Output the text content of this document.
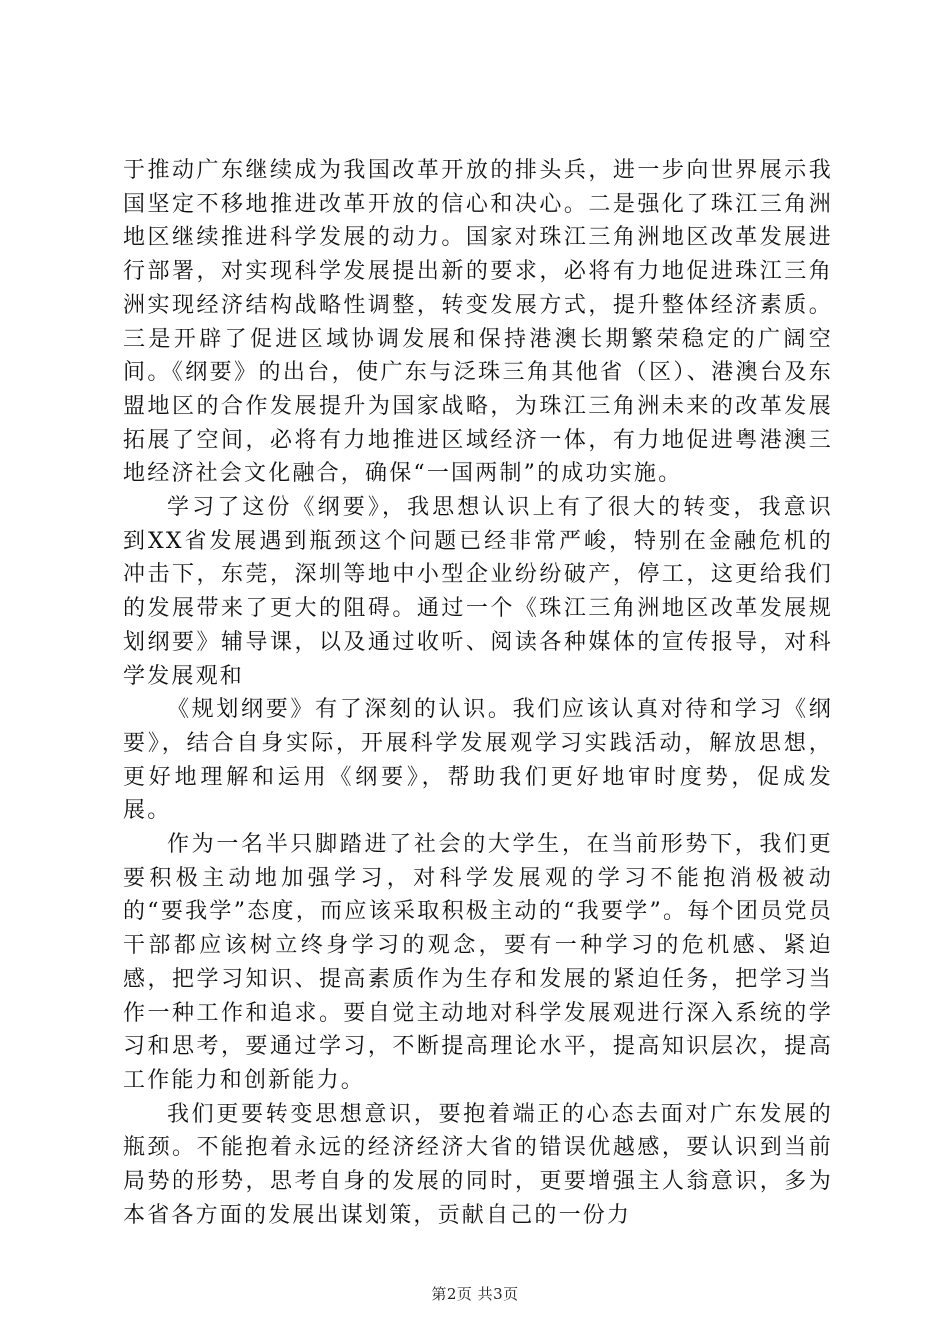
于推动广东继续成为我国改革开放的排头兵，进一步向世界展示我国坚定不移地推进改革开放的信心和决心。二是强化了珠江三角洲地区继续推进科学发展的动力。国家对珠江三角洲地区改革发展进行部署，对实现科学发展提出新的要求，必将有力地促进珠江三角洲实现经济结构战略性调整，转变发展方式，提升整体经济素质。三是开辟了促进区域协调发展和保持港澳长期繁荣稳定的广阔空间。《纲要》的出台，使广东与泛珠三角其他省（区）、港澳台及东盟地区的合作发展提升为国家战略，为珠江三角洲未来的改革发展拓展了空间，必将有力地推进区域经济一体，有力地促进粤港澳三地经济社会文化融合，确保“一国两制”的成功实施。

学习了这份《纲要》，我思想认识上有了很大的转变，我意识到XX省发展遇到瓶颈这个问题已经非常严峻，特别在金融危机的冲击下，东莞，深圳等地中小型企业纷纷破产，停工，这更给我们的发展带来了更大的阻碍。通过一个《珠江三角洲地区改革发展规划纲要》辅导课，以及通过收听、阅读各种媒体的宣传报导，对科学发展观和

《规划纲要》有了深刻的认识。我们应该认真对待和学习《纲要》，结合自身实际，开展科学发展观学习实践活动，解放思想，更好地理解和运用《纲要》，帮助我们更好地审时度势，促成发展。

作为一名半只脚踏进了社会的大学生，在当前形势下，我们更要积极主动地加强学习，对科学发展观的学习不能抱消极被动的“要我学”态度，而应该采取积极主动的“我要学”。每个团员党员干部都应该树立终身学习的观念，要有一种学习的危机感、紧迫感，把学习知识、提高素质作为生存和发展的紧迫任务，把学习当作一种工作和追求。要自觉主动地对科学发展观进行深入系统的学习和思考，要通过学习，不断提高理论水平，提高知识层次，提高工作能力和创新能力。

我们更要转变思想意识，要抱着端正的心态去面对广东发展的瓶颈。不能抱着永远的经济经济大省的错误优越感，要认识到当前局势的形势，思考自身的发展的同时，更要增强主人翁意识，多为本省各方面的发展出谋划策，贡献自己的一份力

第2页 共3页
